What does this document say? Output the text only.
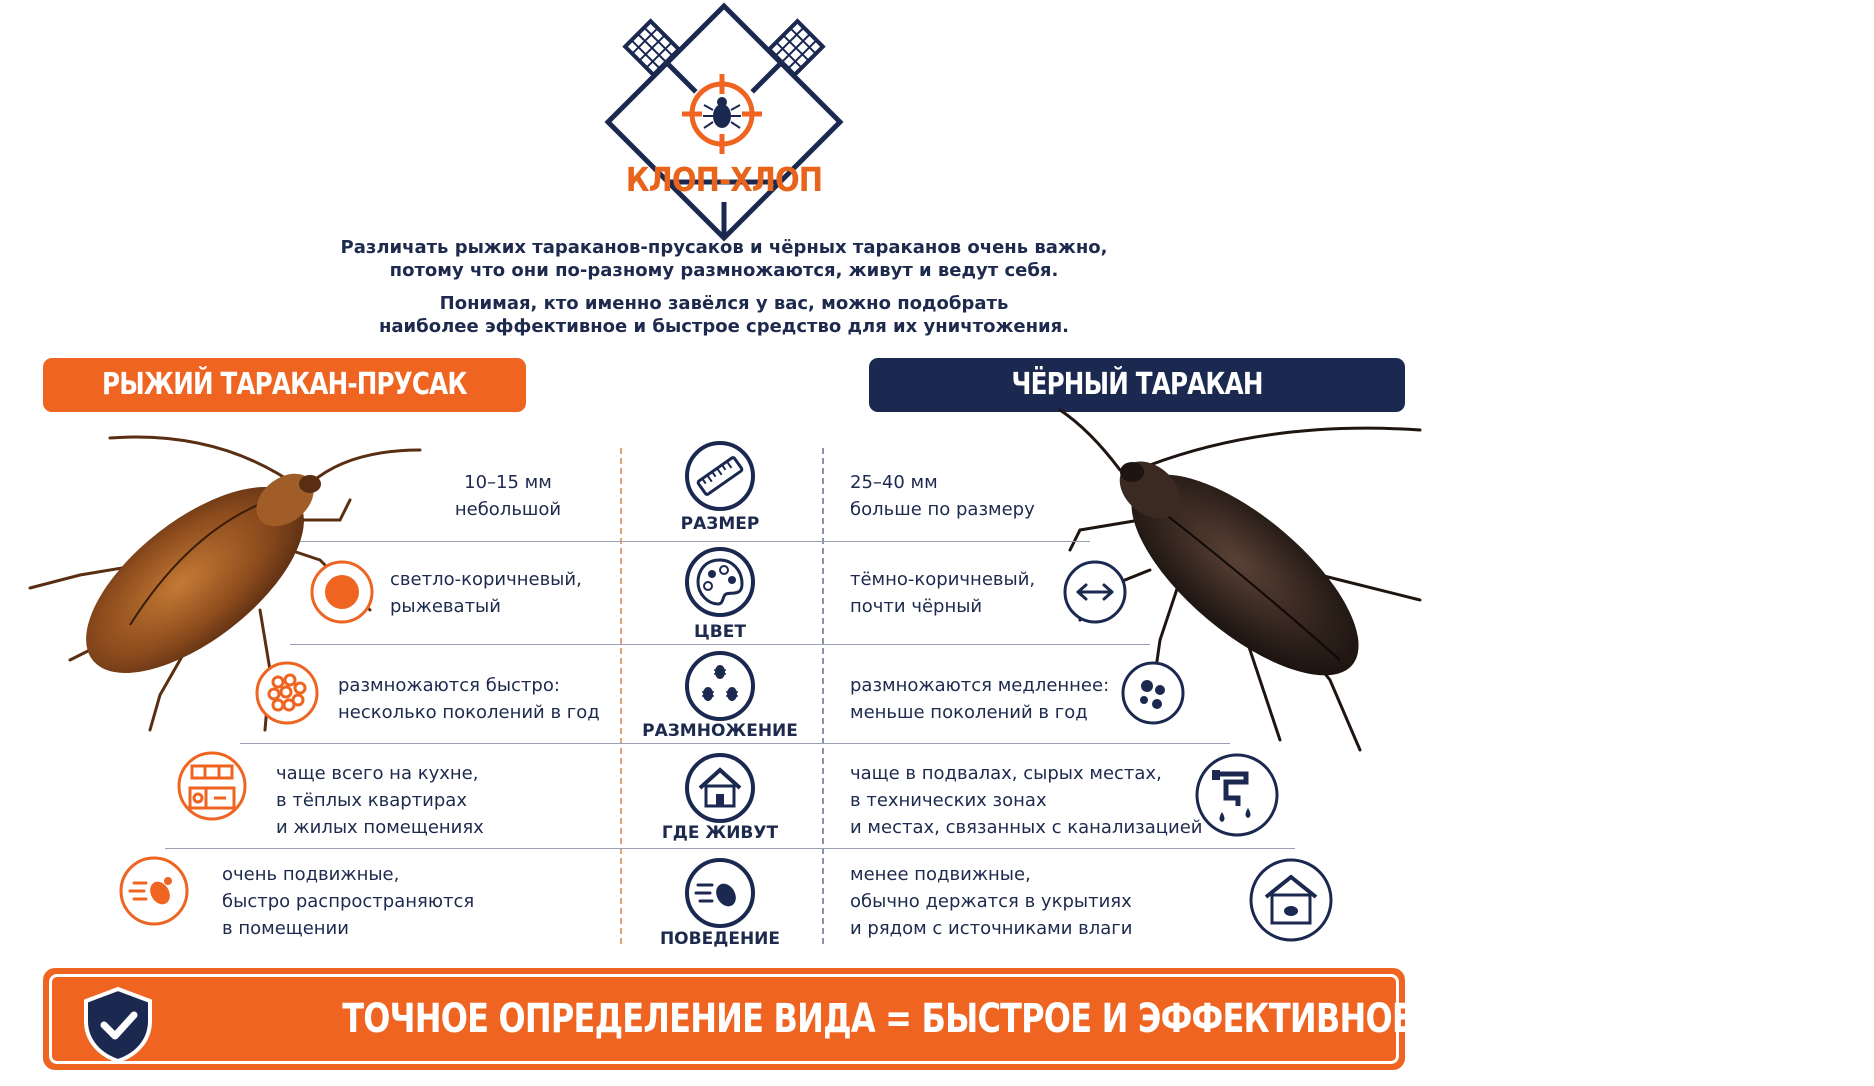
КЛОП-ХЛОП
Различать рыжих тараканов-прусаков и чёрных тараканов очень важно,
потому что они по-разному размножаются, живут и ведут себя.
Понимая, кто именно завёлся у вас, можно подобрать
наиболее эффективное и быстрое средство для их уничтожения.
РЫЖИЙ ТАРАКАН-ПРУСАК	ЧЁРНЫЙ ТАРАКАН
РАЗМЕР
ЦВЕТ
РАЗМНОЖЕНИЕ
ГДЕ ЖИВУТ
ПОВЕДЕНИЕ
10–15 мм
небольшой
светло-коричневый,
рыжеватый
размножаются быстро:
несколько поколений в год
чаще всего на кухне,
в тёплых квартирах
и жилых помещениях
очень подвижные,
быстро распространяются
в помещении
25–40 мм
больше по размеру
тёмно-коричневый,
почти чёрный
размножаются медленнее:
меньше поколений в год
чаще в подвалах, сырых местах,
в технических зонах
и местах, связанных с канализацией
менее подвижные,
обычно держатся в укрытиях
и рядом с источниками влаги
ТОЧНОЕ ОПРЕДЕЛЕНИЕ ВИДА = БЫСТРОЕ И ЭФФЕКТИВНОЕ УНИЧТОЖЕНИЕ
